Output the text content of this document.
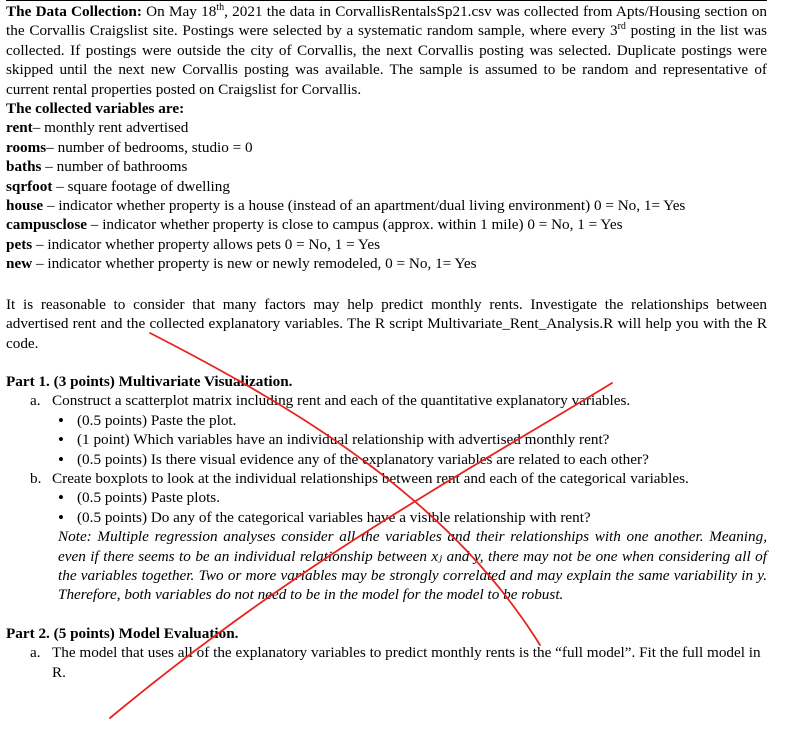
The Data Collection: On May 18th, 2021 the data in CorvallisRentalsSp21.csv was collected from Apts/Housing section on the Corvallis Craigslist site. Postings were selected by a systematic random sample, where every 3rd posting in the list was collected. If postings were outside the city of Corvallis, the next Corvallis posting was selected. Duplicate postings were skipped until the next new Corvallis posting was available. The sample is assumed to be random and representative of current rental properties posted on Craigslist for Corvallis.

The collected variables are:
rent– monthly rent advertised
rooms– number of bedrooms, studio = 0
baths – number of bathrooms
sqrfoot – square footage of dwelling
house – indicator whether property is a house (instead of an apartment/dual living environment) 0 = No, 1= Yes
campusclose – indicator whether property is close to campus (approx. within 1 mile) 0 = No, 1 = Yes
pets – indicator whether property allows pets 0 = No, 1 = Yes
new – indicator whether property is new or newly remodeled, 0 = No, 1= Yes

It is reasonable to consider that many factors may help predict monthly rents. Investigate the relationships between advertised rent and the collected explanatory variables. The R script Multivariate_Rent_Analysis.R will help you with the R code.

Part 1. (3 points) Multivariate Visualization.
a. Construct a scatterplot matrix including rent and each of the quantitative explanatory variables.
• (0.5 points) Paste the plot.
• (1 point) Which variables have an individual relationship with advertised monthly rent?
• (0.5 points) Is there visual evidence any of the explanatory variables are related to each other?
b. Create boxplots to look at the individual relationships between rent and each of the categorical variables.
• (0.5 points) Paste plots.
• (0.5 points) Do any of the categorical variables have a visible relationship with rent?

Note: Multiple regression analyses consider all the variables and their relationships with one another. Meaning, even if there seems to be an individual relationship between xⱼ and y, there may not be one when considering all of the variables together. Two or more variables may be strongly correlated and may explain the same variability in y. Therefore, both variables do not need to be in the model for the model to be robust.

Part 2. (5 points) Model Evaluation.
a. The model that uses all of the explanatory variables to predict monthly rents is the “full model”. Fit the full model in R.
